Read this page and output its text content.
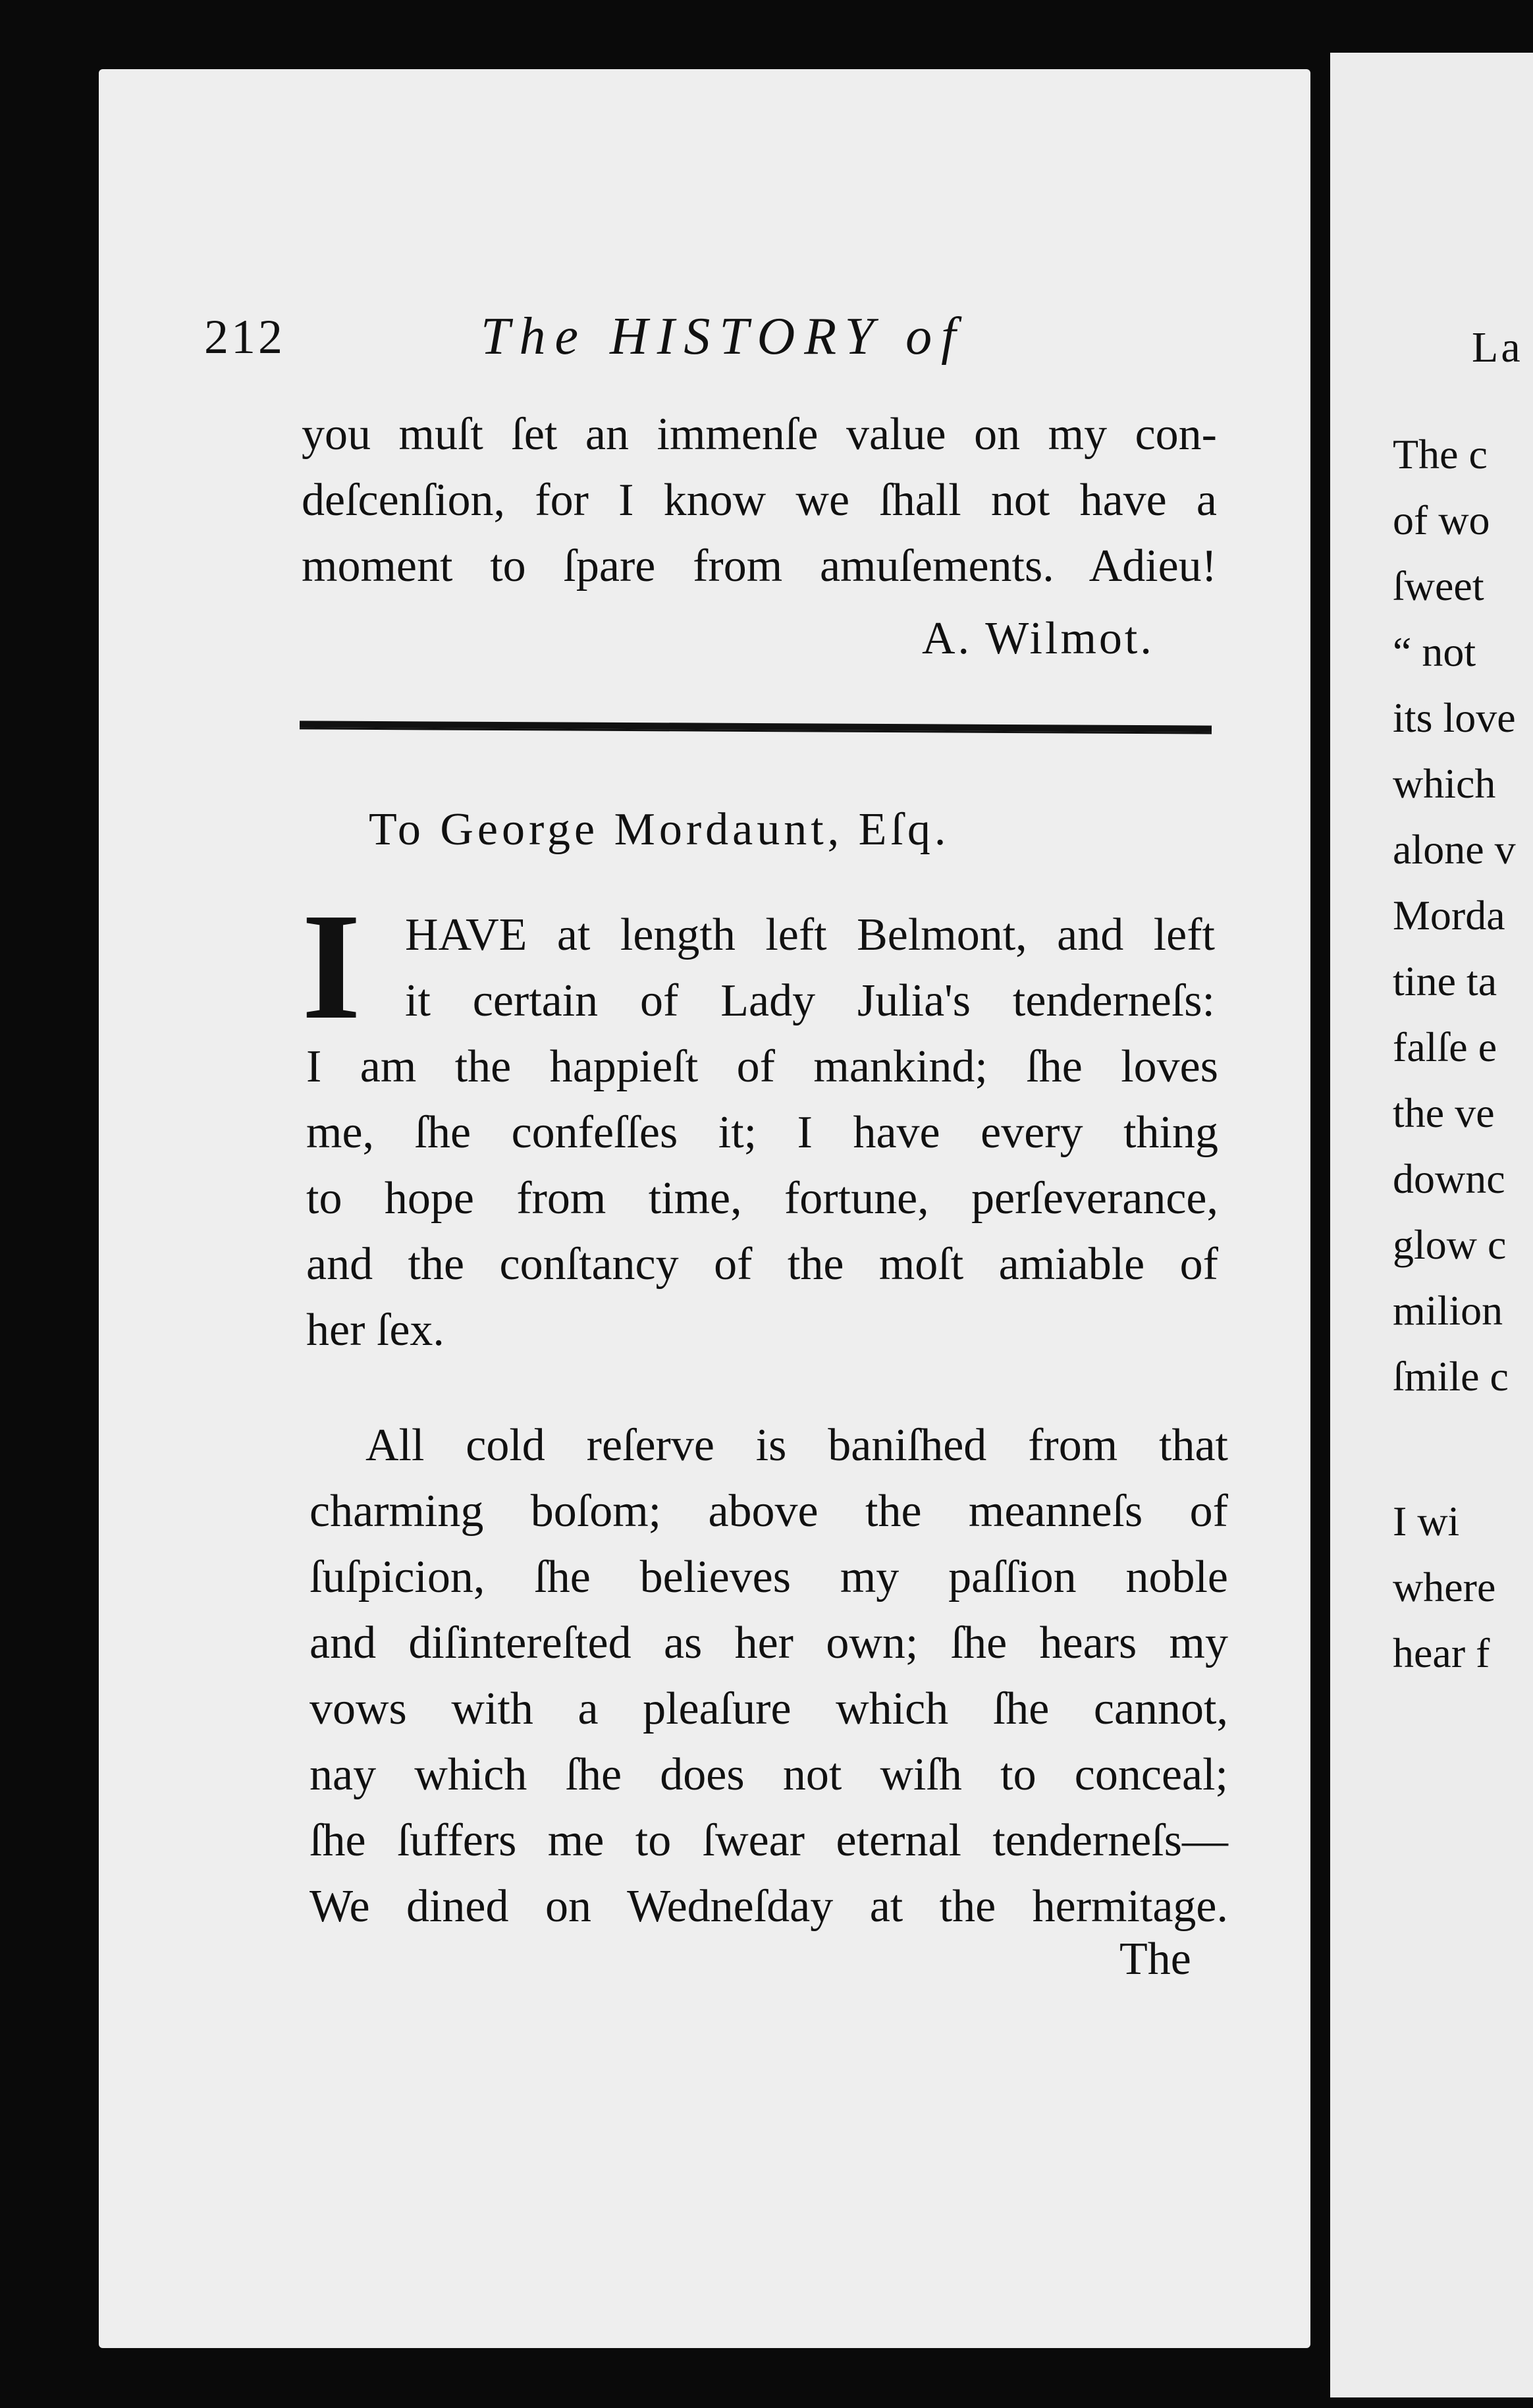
212	The HISTORY of
you muſt ſet an immenſe value on my con-
deſcenſion, for I know we ſhall not have a
moment to ſpare from amuſements. Adieu!
A. Wilmot.
To George Mordaunt, Eſq.
I HAVE at length left Belmont, and left
it certain of Lady Julia's tenderneſs:
I am the happieſt of mankind; ſhe loves
me, ſhe confeſſes it; I have every thing
to hope from time, fortune, perſeverance,
and the conſtancy of the moſt amiable of
her ſex.
All cold reſerve is baniſhed from that
charming boſom; above the meanneſs of
ſuſpicion, ſhe believes my paſſion noble
and diſintereſted as her own; ſhe hears my
vows with a pleaſure which ſhe cannot,
nay which ſhe does not wiſh to conceal;
ſhe ſuffers me to ſwear eternal tenderneſs—
We dined on Wedneſday at the hermitage.
The
La
The c
of wo
ſweet
“ not
its love
which
alone v
Morda
tine ta
falſe e
the ve
downc
glow c
milion
ſmile c
I wi
where
hear f
